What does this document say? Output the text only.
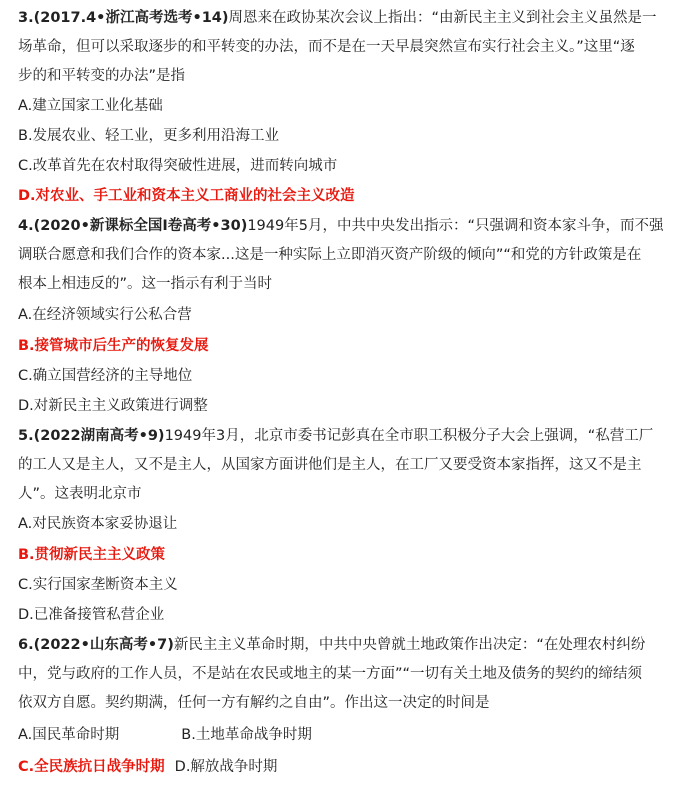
3.(2017.4•浙江高考选考•14)周恩来在政协某次会议上指出：“由新民主主义到社会主义虽然是一
场革命，但可以采取逐步的和平转变的办法，而不是在一天早晨突然宣布实行社会主义。”这里“逐
步的和平转变的办法”是指
A.建立国家工业化基础
B.发展农业、轻工业，更多利用沿海工业
C.改革首先在农村取得突破性进展，进而转向城市
D.对农业、手工业和资本主义工商业的社会主义改造
4.(2020•新课标全国Ⅰ卷高考•30)1949年5月，中共中央发出指示：“只强调和资本家斗争，而不强
调联合愿意和我们合作的资本家...这是一种实际上立即消灭资产阶级的倾向”“和党的方针政策是在
根本上相违反的”。这一指示有利于当时
A.在经济领域实行公私合营
B.接管城市后生产的恢复发展
C.确立国营经济的主导地位
D.对新民主主义政策进行调整
5.(2022湖南高考•9)1949年3月，北京市委书记彭真在全市职工积极分子大会上强调，“私营工厂
的工人又是主人，又不是主人，从国家方面讲他们是主人，在工厂又要受资本家指挥，这又不是主
人”。这表明北京市
A.对民族资本家妥协退让
B.贯彻新民主主义政策
C.实行国家垄断资本主义
D.已准备接管私营企业
6.(2022•山东高考•7)新民主主义革命时期，中共中央曾就土地政策作出决定：“在处理农村纠纷
中，党与政府的工作人员，不是站在农民或地主的某一方面”“一切有关土地及债务的契约的缔结须
依双方自愿。契约期满，任何一方有解约之自由”。作出这一决定的时间是
A.国民革命时期	B.土地革命战争时期
C.全民族抗日战争时期 D.解放战争时期
